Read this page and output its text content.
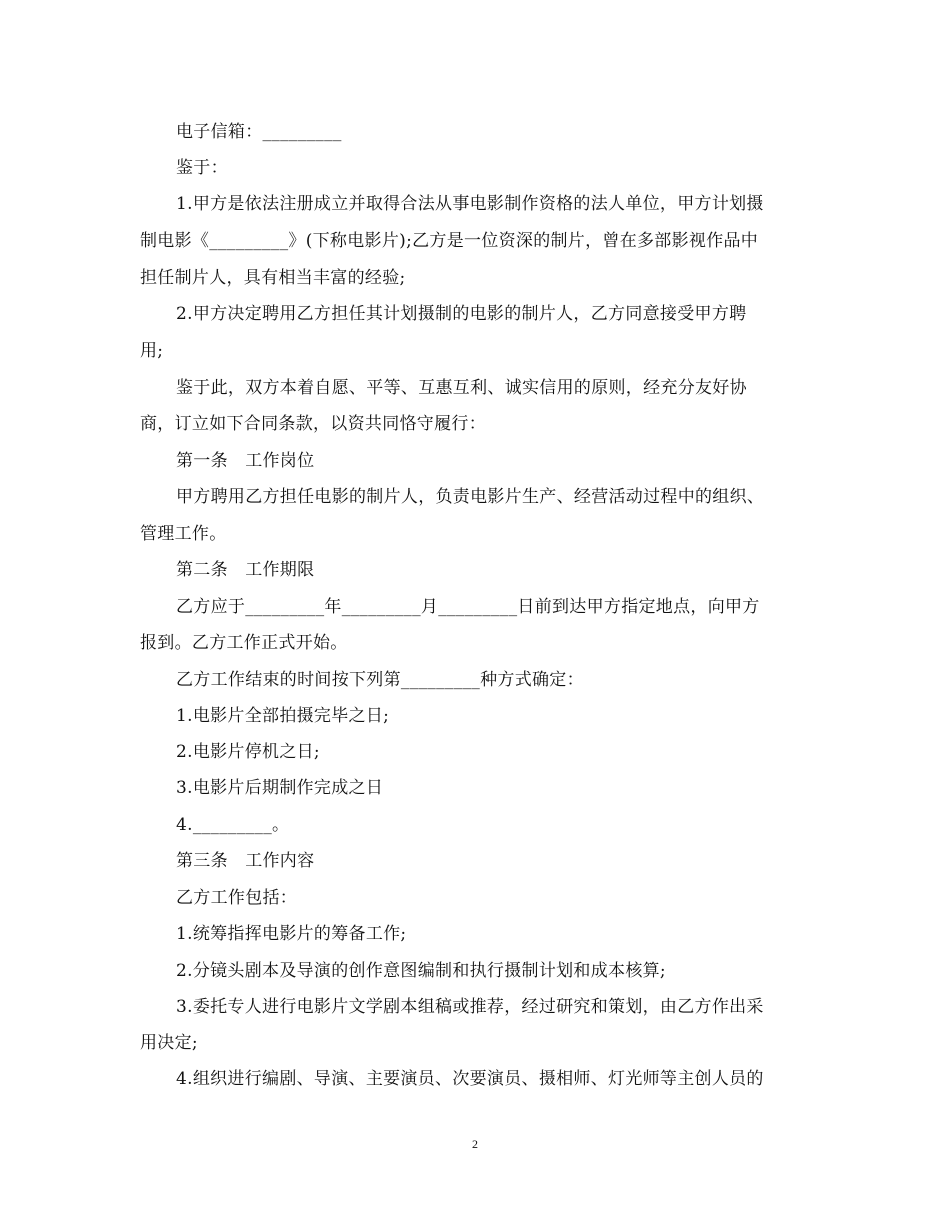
电子信箱：_________
鉴于：
1.甲方是依法注册成立并取得合法从事电影制作资格的法人单位，甲方计划摄
制电影《_________》(下称电影片);乙方是一位资深的制片，曾在多部影视作品中
担任制片人，具有相当丰富的经验;
2.甲方决定聘用乙方担任其计划摄制的电影的制片人，乙方同意接受甲方聘
用;
鉴于此，双方本着自愿、平等、互惠互利、诚实信用的原则，经充分友好协
商，订立如下合同条款，以资共同恪守履行：
第一条　工作岗位
甲方聘用乙方担任电影的制片人，负责电影片生产、经营活动过程中的组织、
管理工作。
第二条　工作期限
乙方应于_________年_________月_________日前到达甲方指定地点，向甲方
报到。乙方工作正式开始。
乙方工作结束的时间按下列第_________种方式确定：
1.电影片全部拍摄完毕之日;
2.电影片停机之日;
3.电影片后期制作完成之日
4._________。
第三条　工作内容
乙方工作包括：
1.统筹指挥电影片的筹备工作;
2.分镜头剧本及导演的创作意图编制和执行摄制计划和成本核算;
3.委托专人进行电影片文学剧本组稿或推荐，经过研究和策划，由乙方作出采
用决定;
4.组织进行编剧、导演、主要演员、次要演员、摄相师、灯光师等主创人员的
2
